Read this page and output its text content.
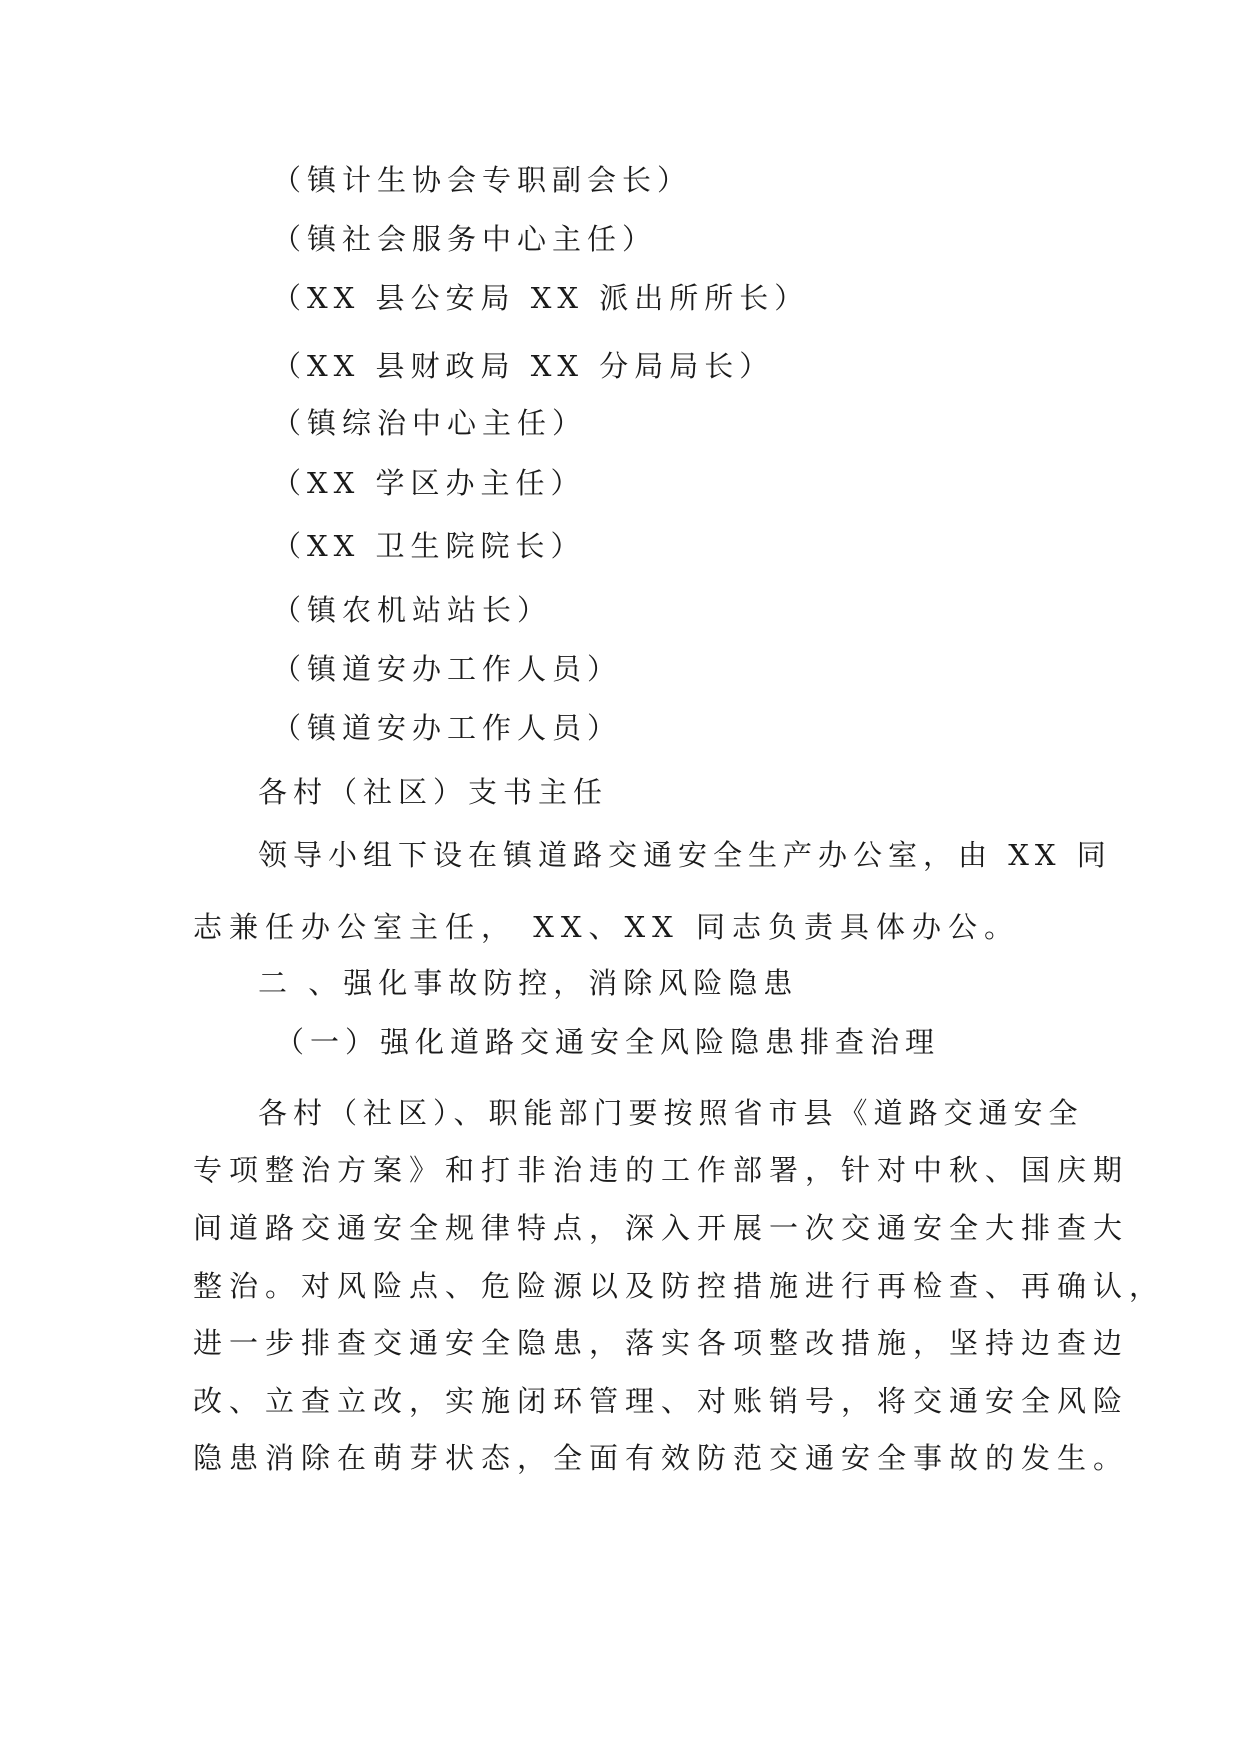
（镇计生协会专职副会长）
（镇社会服务中心主任）
（XX 县公安局 XX 派出所所长）
（XX 县财政局 XX 分局局长）
（镇综治中心主任）
（XX 学区办主任）
（XX 卫生院院长）
（镇农机站站长）
（镇道安办工作人员）
（镇道安办工作人员）
各村（社区）支书主任
领导小组下设在镇道路交通安全生产办公室，由 XX 同
志兼任办公室主任， XX、XX 同志负责具体办公。
二 、强化事故防控，消除风险隐患
（一）强化道路交通安全风险隐患排查治理
各村（社区）、职能部门要按照省市县《道路交通安全
专项整治方案》和打非治违的工作部署，针对中秋、国庆期
间道路交通安全规律特点，深入开展一次交通安全大排查大
整治。对风险点、危险源以及防控措施进行再检查、再确认，
进一步排查交通安全隐患，落实各项整改措施，坚持边查边
改、立查立改，实施闭环管理、对账销号，将交通安全风险
隐患消除在萌芽状态，全面有效防范交通安全事故的发生。
